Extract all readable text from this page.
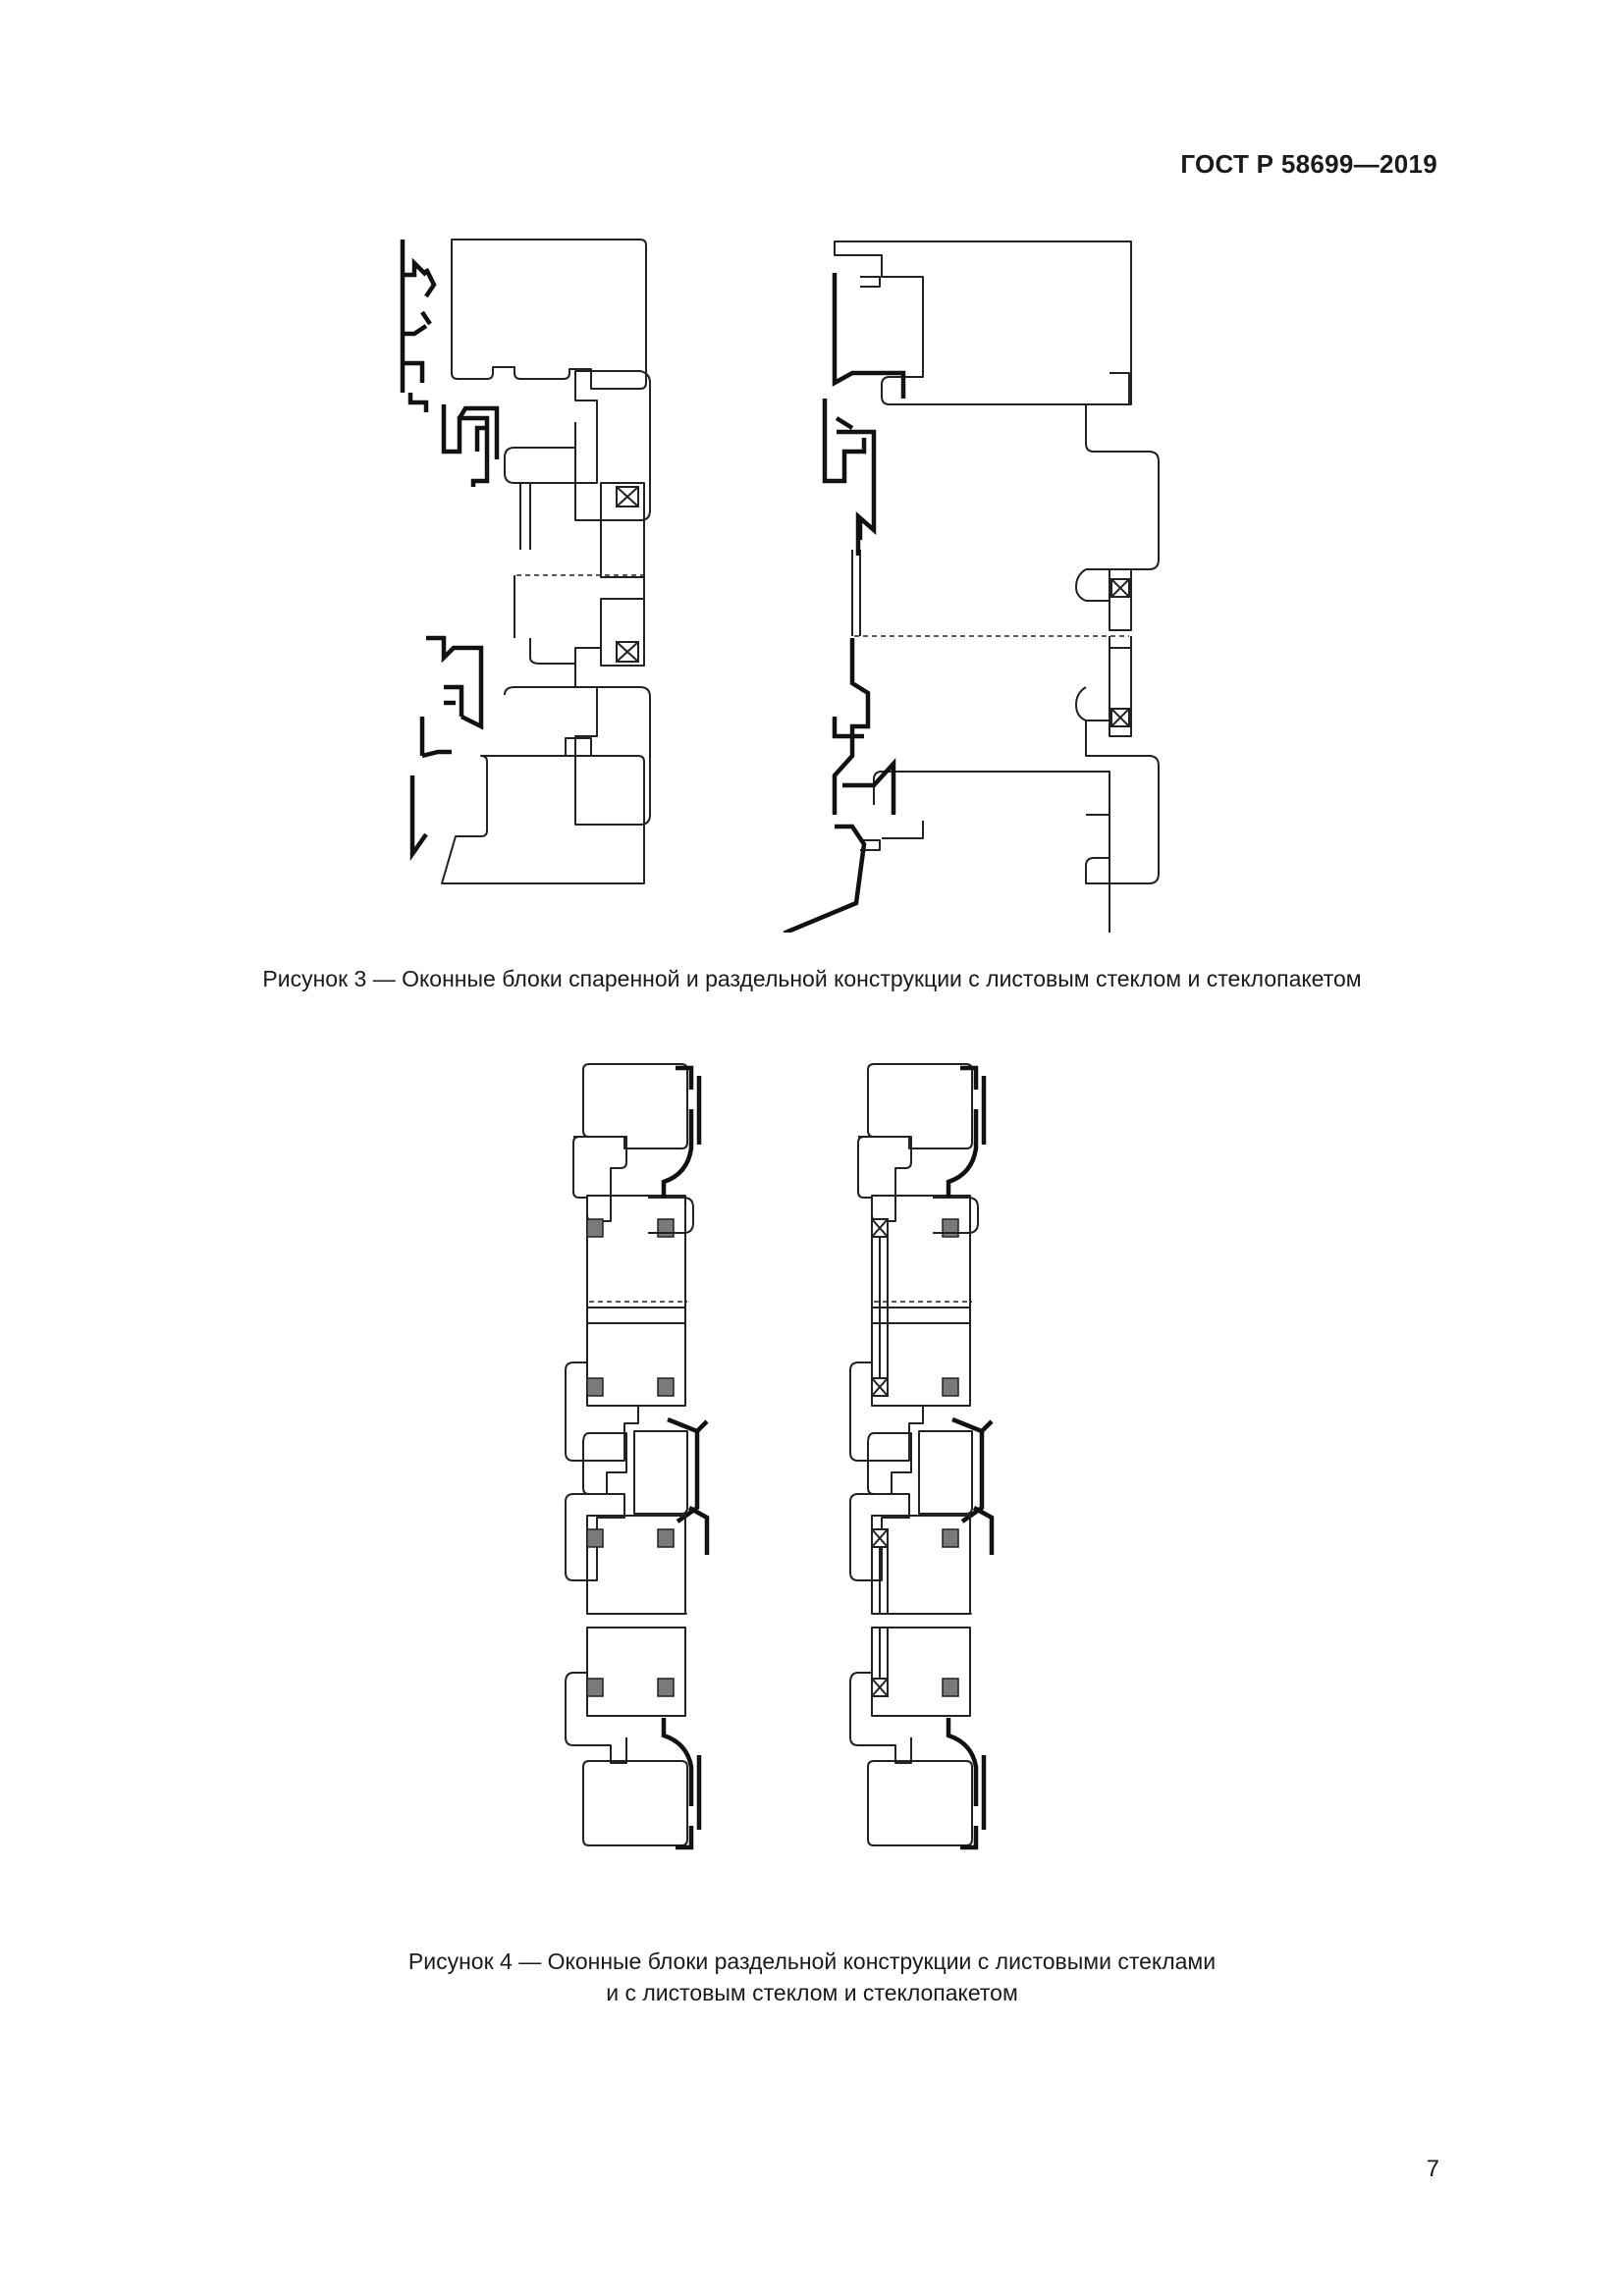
ГОСТ Р 58699—2019
Рисунок 3 — Оконные блоки спаренной и раздельной конструкции с листовым стеклом и стеклопакетом
Рисунок 4 — Оконные блоки раздельной конструкции с листовыми стеклами
и с листовым стеклом и стеклопакетом
7
